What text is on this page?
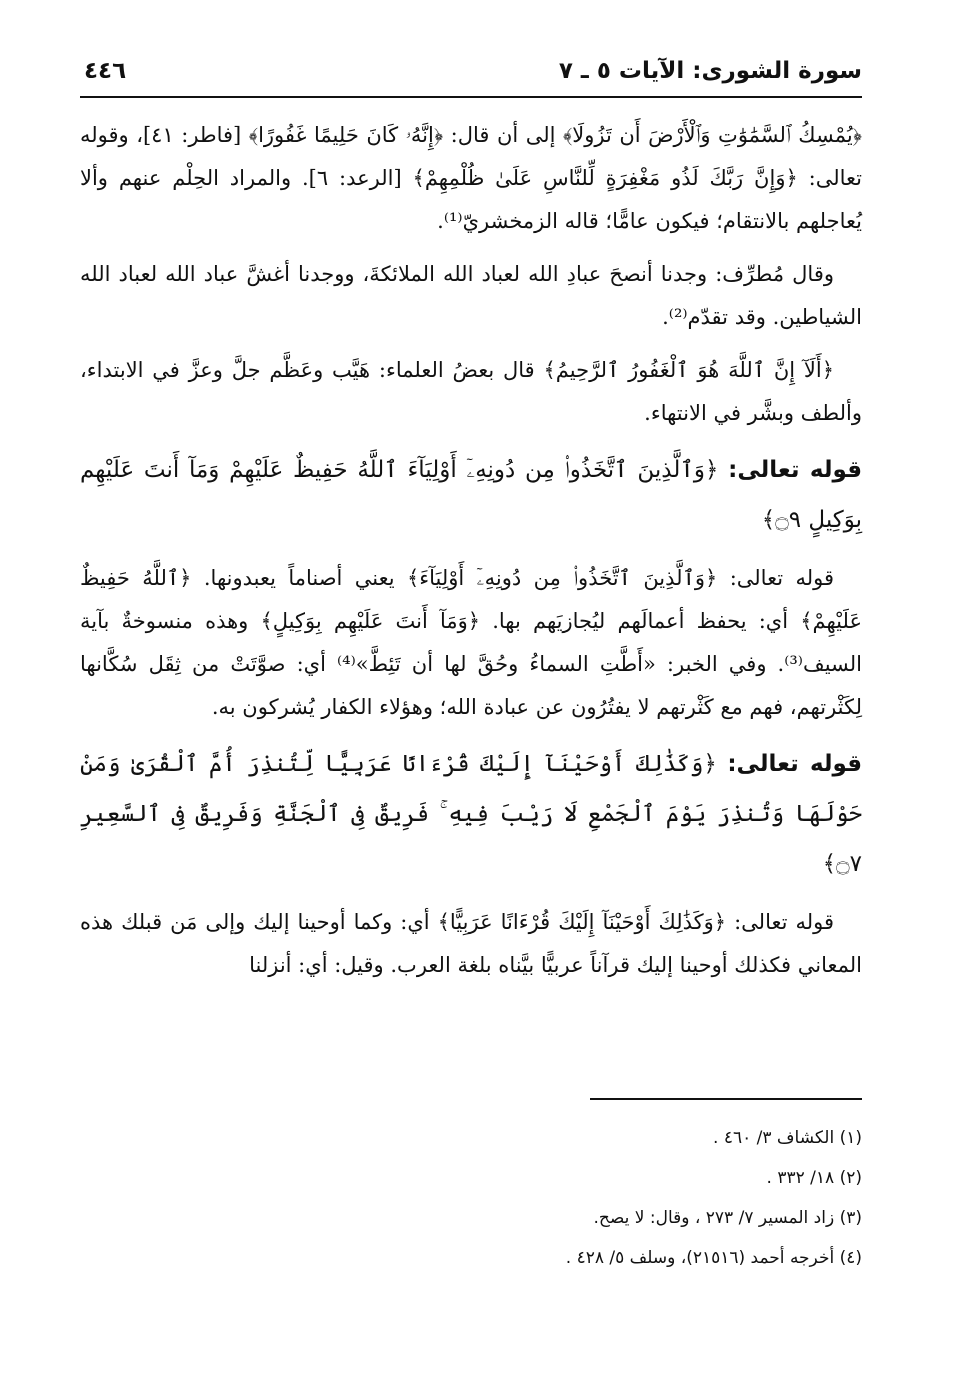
سورة الشورى: الآيات ٥ ـ ٧
٤٤٦

﴿يُمْسِكُ ٱلسَّمَٰوَٰتِ وَٱلْأَرْضَ أَن تَزُولَا﴾ إلى أن قال: ﴿إِنَّهُۥ كَانَ حَلِيمًا غَفُورًا﴾ [فاطر: ٤١]، وقوله تعالى: ﴿وَإِنَّ رَبَّكَ لَذُو مَغْفِرَةٍ لِّلنَّاسِ عَلَىٰ ظُلْمِهِمْ﴾ [الرعد: ٦]. والمراد الحِلْم عنهم وألا يُعاجلهم بالانتقام؛ فيكون عامًّا؛ قاله الزمخشريّ⁽¹⁾.

وقال مُطرِّف: وجدنا أنصحَ عبادِ الله لعباد الله الملائكةَ، ووجدنا أغشَّ عباد الله لعباد الله الشياطين. وقد تقدّم⁽²⁾.

﴿أَلَآ إِنَّ ٱللَّهَ هُوَ ٱلْغَفُورُ ٱلرَّحِيمُ﴾ قال بعضُ العلماء: هَيَّب وعَظَّم جلَّ وعزَّ في الابتداء، وألطف وبشَّر في الانتهاء.

قوله تعالى: ﴿وَٱلَّذِينَ ٱتَّخَذُوا۟ مِن دُونِهِۦٓ أَوْلِيَآءَ ٱللَّهُ حَفِيظٌ عَلَيْهِمْ وَمَآ أَنتَ عَلَيْهِم بِوَكِيلٍ ۝٩﴾

قوله تعالى: ﴿وَٱلَّذِينَ ٱتَّخَذُوا۟ مِن دُونِهِۦٓ أَوْلِيَآءَ﴾ يعني أصناماً يعبدونها. ﴿ٱللَّهُ حَفِيظٌ عَلَيْهِمْ﴾ أي: يحفظ أعمالَهم ليُجازيَهم بها. ﴿وَمَآ أَنتَ عَلَيْهِم بِوَكِيلٍ﴾ وهذه منسوخةٌ بآية السيف⁽³⁾. وفي الخبر: «أَطَّتِ السماءُ وحُقَّ لها أن تَئِطَّ»⁽⁴⁾ أي: صوَّتَتْ من ثِقَل سُكَّانها لِكَثْرتهم، فهم مع كَثْرتهم لا يفتُرُون عن عبادة الله؛ وهؤلاء الكفار يُشركون به.

قوله تعالى: ﴿وَكَذَٰلِكَ أَوْحَيْنَآ إِلَيْكَ قُرْءَانًا عَرَبِيًّا لِّتُنذِرَ أُمَّ ٱلْقُرَىٰ وَمَنْ حَوْلَهَا وَتُنذِرَ يَوْمَ ٱلْجَمْعِ لَا رَيْبَ فِيهِ ۚ فَرِيقٌ فِى ٱلْجَنَّةِ وَفَرِيقٌ فِى ٱلسَّعِيرِ ۝٧﴾

قوله تعالى: ﴿وَكَذَٰلِكَ أَوْحَيْنَآ إِلَيْكَ قُرْءَانًا عَرَبِيًّا﴾ أي: وكما أوحينا إليك وإلى مَن قبلك هذه المعاني فكذلك أوحينا إليك قرآناً عربيًّا بيَّناه بلغة العرب. وقيل: أي: أنزلنا

(١) الكشاف ٣/ ٤٦٠ .

(٢) ١٨/ ٣٣٢ .

(٣) زاد المسير ٧/ ٢٧٣ ، وقال: لا يصح.

(٤) أخرجه أحمد (٢١٥١٦)، وسلف ٥/ ٤٢٨ .
